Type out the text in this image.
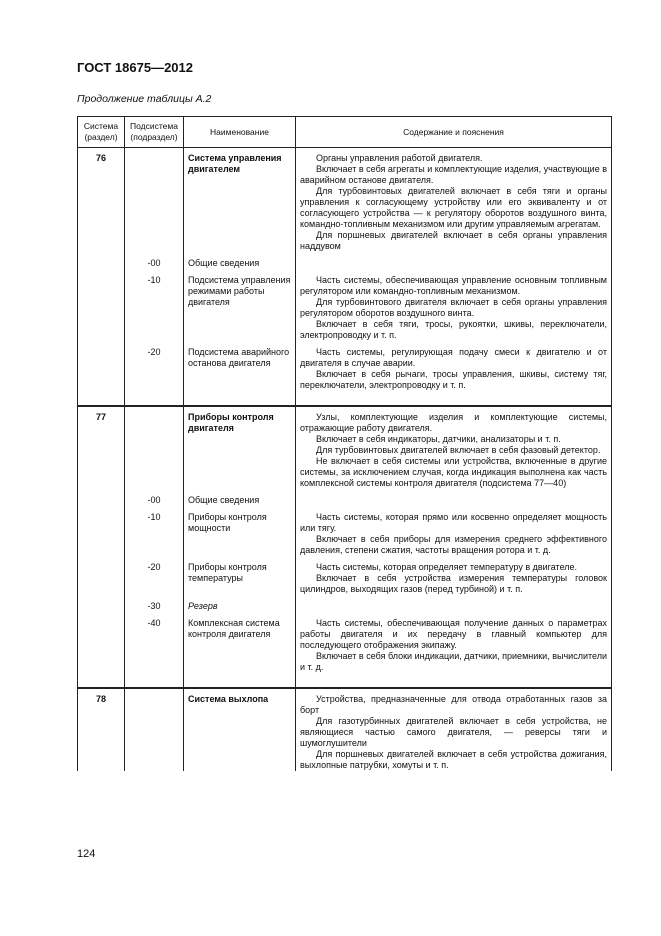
ГОСТ 18675—2012
Продолжение таблицы А.2
Система (раздел)	Подсистема (подраздел)	Наименование	Содержание и пояснения
76		Система управления двигателем	Органы управления работой двигателя.

Включает в себя агрегаты и комплектующие изделия, участвующие в аварийном останове двигателя.

Для турбовинтовых двигателей включает в себя тяги и органы управления к согласующему устройству или его эквиваленту и от согласующего устройства — к регулятору оборотов воздушного винта, командно-топливным механизмом или другим управляемым агрегатам.

Для поршневых двигателей включает в себя органы управления наддувом

	-00	Общие сведения	

	-10	Подсистема управления режимами работы двигателя	Часть системы, обеспечивающая управление основным топливным регулятором или командно-топливным механизмом.

Для турбовинтового двигателя включает в себя органы управления регулятором оборотов воздушного винта.

Включает в себя тяги, тросы, рукоятки, шкивы, переключатели, электропроводку и т. п.

	-20	Подсистема аварийного останова двигателя	Часть системы, регулирующая подачу смеси к двигателю и от двигателя в случае аварии.

Включает в себя рычаги, тросы управления, шкивы, систему тяг, переключатели, электропроводку и т. п.

77		Приборы контроля двигателя	Узлы, комплектующие изделия и комплектующие системы, отражающие работу двигателя.

Включает в себя индикаторы, датчики, анализаторы и т. п.

Для турбовинтовых двигателей включает в себя фазовый детектор.

Не включает в себя системы или устройства, включенные в другие системы, за исключением случая, когда индикация выполнена как часть комплексной системы контроля двигателя (подсистема 77—40)

	-00	Общие сведения	

	-10	Приборы контроля мощности	Часть системы, которая прямо или косвенно определяет мощность или тягу.

Включает в себя приборы для измерения среднего эффективного давления, степени сжатия, частоты вращения ротора и т. д.

	-20	Приборы контроля температуры	Часть системы, которая определяет температуру в двигателе.

Включает в себя устройства измерения температуры головок цилиндров, выходящих газов (перед турбиной) и т. п.

	-30	Резерв	

	-40	Комплексная система контроля двигателя	Часть системы, обеспечивающая получение данных о параметрах работы двигателя и их передачу в главный компьютер для последующего отображения экипажу.

Включает в себя блоки индикации, датчики, приемники, вычислители и т. д.

78		Система выхлопа	Устройства, предназначенные для отвода отработанных газов за борт

Для газотурбинных двигателей включает в себя устройства, не являющиеся частью самого двигателя, — реверсы тяги и шумоглушители

Для поршневых двигателей включает в себя устройства дожигания, выхлопные патрубки, хомуты и т. п.

124
